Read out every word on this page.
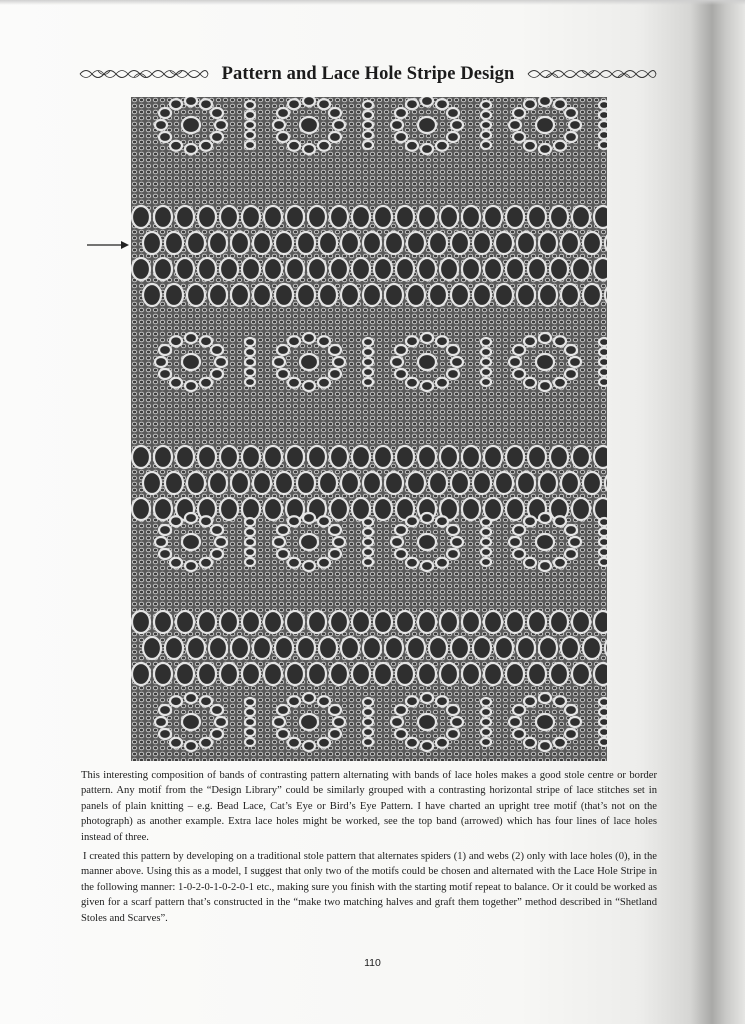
Pattern and Lace Hole Stripe Design

This interesting composition of bands of contrasting pattern alternating with bands of lace holes makes a good stole centre or border pattern. Any motif from the “Design Library” could be similarly grouped with a contrasting horizontal stripe of lace stitches set in panels of plain knitting – e.g. Bead Lace, Cat’s Eye or Bird’s Eye Pattern. I have charted an upright tree motif (that’s not on the photograph) as another example. Extra lace holes might be worked, see the top band (arrowed) which has four lines of lace holes instead of three.

I created this pattern by developing on a traditional stole pattern that alternates spiders (1) and webs (2) only with lace holes (0), in the manner above. Using this as a model, I suggest that only two of the motifs could be chosen and alternated with the Lace Hole Stripe in the following manner: 1-0-2-0-1-0-2-0-1 etc., making sure you finish with the starting motif repeat to balance. Or it could be worked as given for a scarf pattern that’s constructed in the “make two matching halves and graft them together” method described in “Shetland Stoles and Scarves”.

110
